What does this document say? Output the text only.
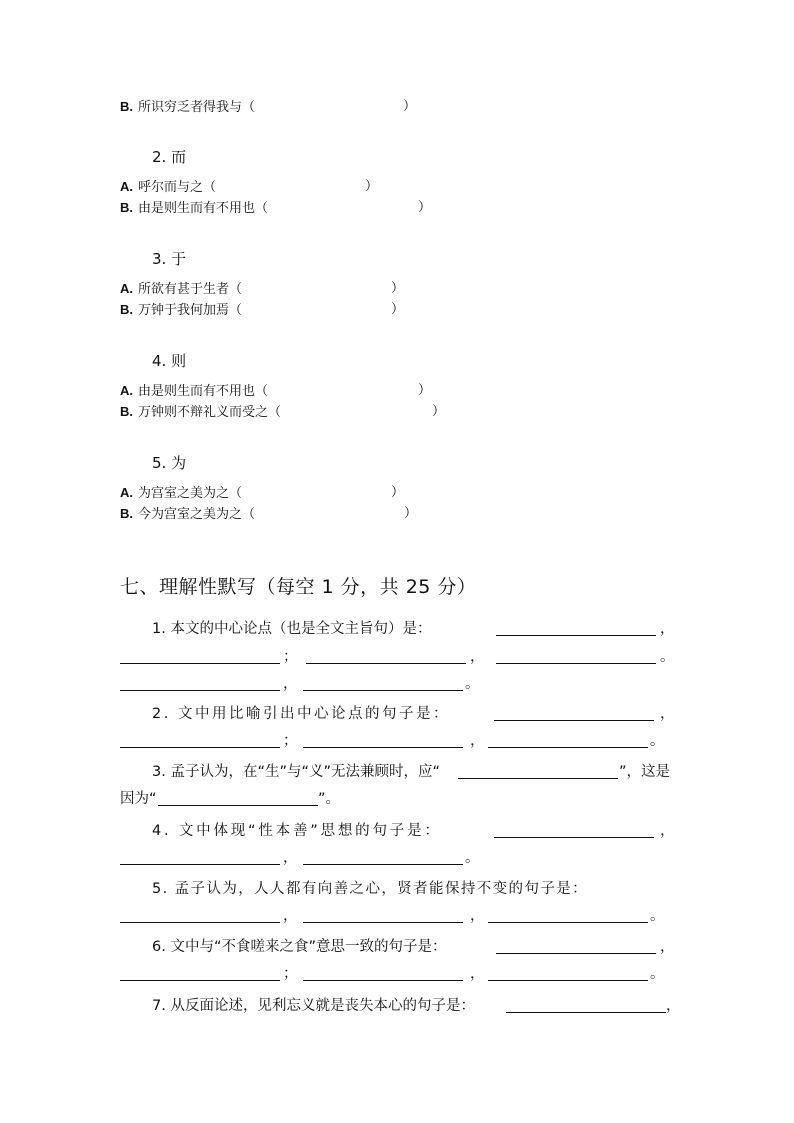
B. 所识穷乏者得我与（	）
2. 而
A. 呼尔而与之（	）
B. 由是则生而有不用也（	）
3. 于
A. 所欲有甚于生者（	）
B. 万钟于我何加焉（	）
4. 则
A. 由是则生而有不用也（	）
B. 万钟则不辩礼义而受之（	）
5. 为
A. 为宫室之美为之（	）
B. 今为宫室之美为之（	）
七、理解性默写（每空 1 分，共 25 分）
1. 本文的中心论点（也是全文主旨句）是：	，
；	，	。
，	。
2. 文中用比喻引出中心论点的句子是：	，
；	，	。
3. 孟子认为，在“生”与“义”无法兼顾时，应“	”，这是
因为“	”。
4. 文中体现“性本善”思想的句子是：	，
，	。
5. 孟子认为，人人都有向善之心，贤者能保持不变的句子是：
，	，	。
6. 文中与“不食嗟来之食”意思一致的句子是：	，
；	，	。
7. 从反面论述，见利忘义就是丧失本心的句子是：	，
